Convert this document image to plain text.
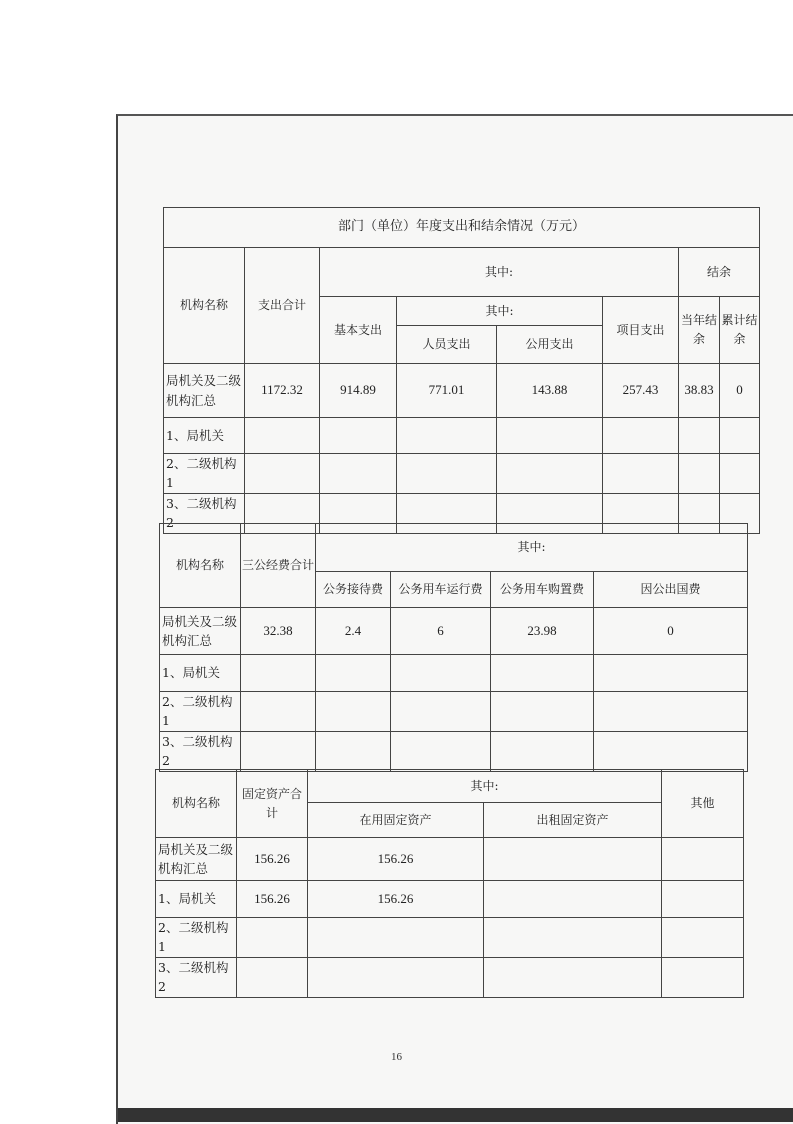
部门（单位）年度支出和结余情况（万元）							
机构名称	支出合计	其中:				结余	
		基本支出	其中:		项目支出	当年结余	累计结余
			人员支出	公用支出			
局机关及二级机构汇总	1172.32	914.89	771.01	143.88	257.43	38.83	0
1、局机关							
2、二级机构1							
3、二级机构2							
机构名称	三公经费合计	其中:			
		公务接待费	公务用车运行费	公务用车购置费	因公出国费
局机关及二级机构汇总	32.38	2.4	6	23.98	0
1、局机关					
2、二级机构1					
3、二级机构2					
机构名称	固定资产合计	其中:		其他
		在用固定资产	出租固定资产	
局机关及二级机构汇总	156.26	156.26		
1、局机关	156.26	156.26		
2、二级机构1				
3、二级机构2				
16
